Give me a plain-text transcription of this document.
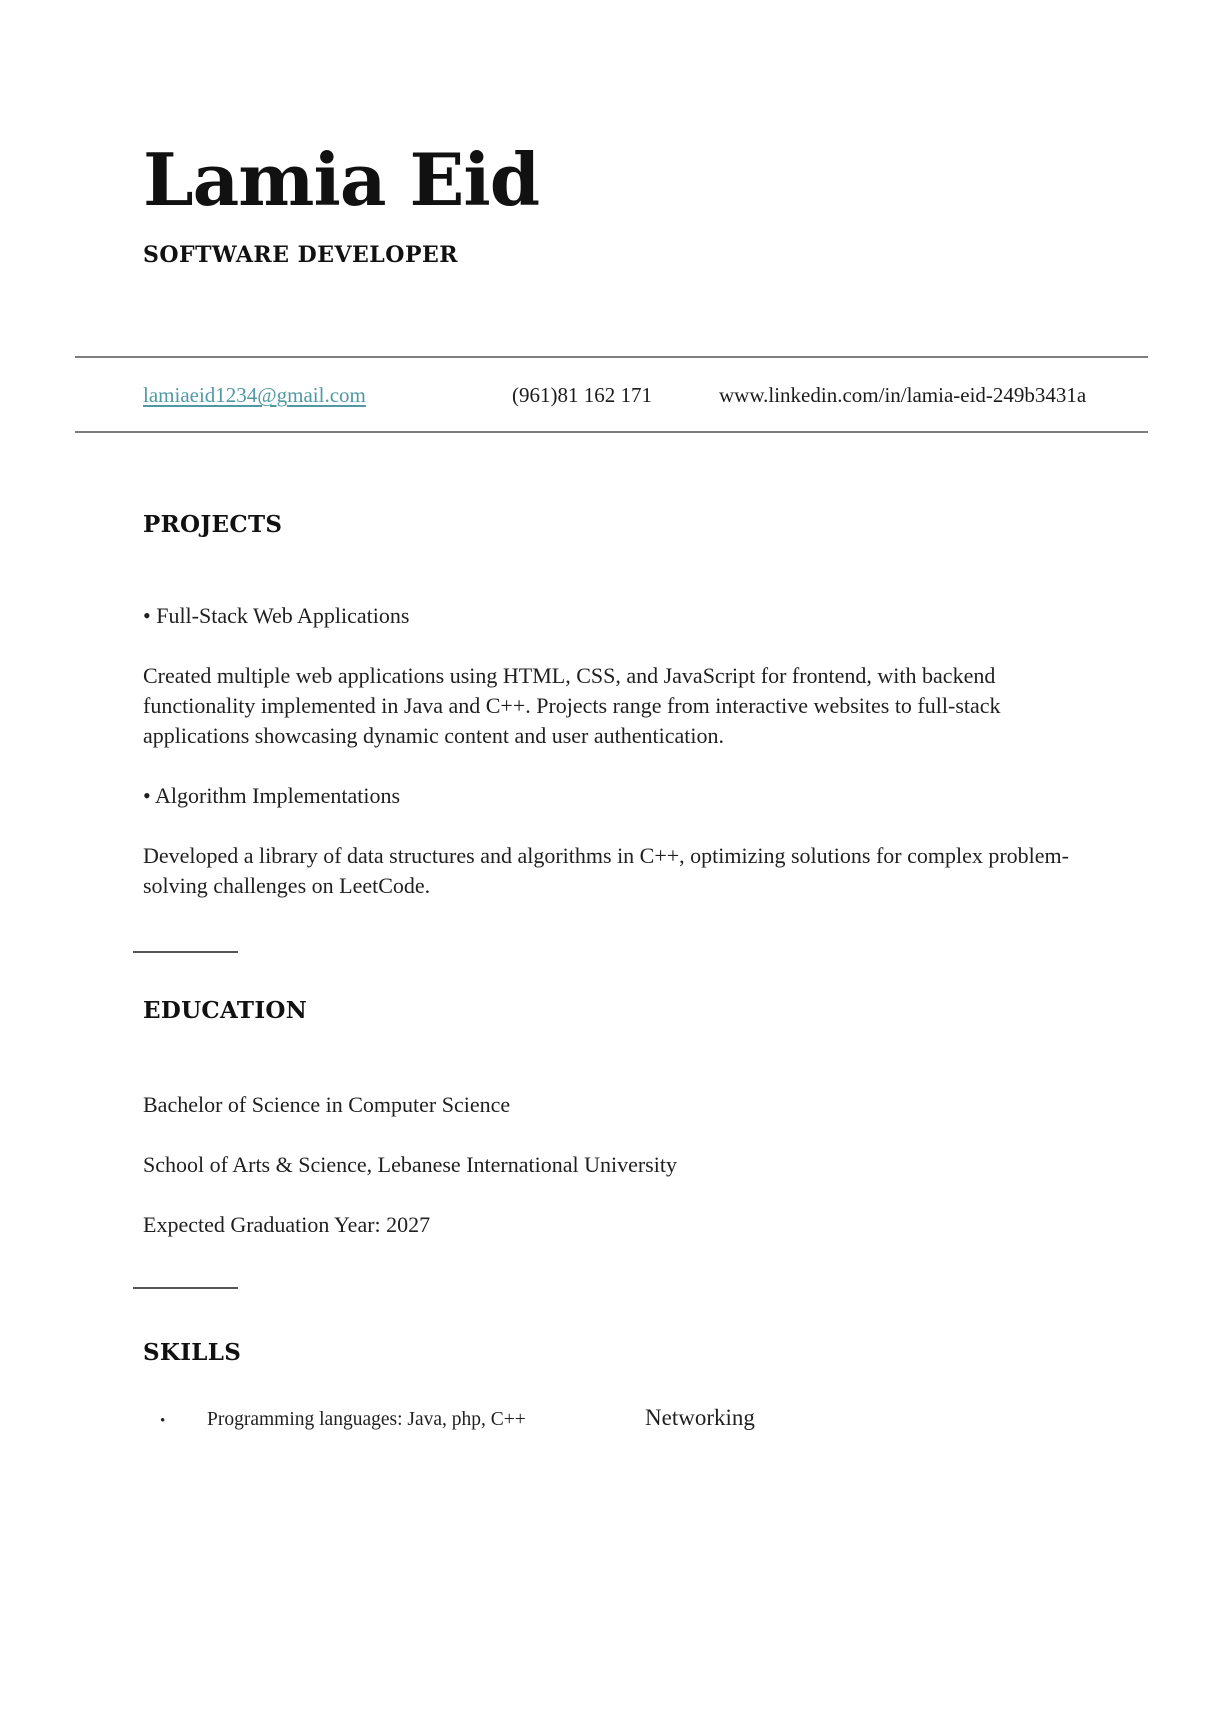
Lamia Eid
SOFTWARE DEVELOPER
lamiaeid1234@gmail.com	(961)81 162 171	www.linkedin.com/in/lamia-eid-249b3431a
PROJECTS
• Full-Stack Web Applications

Created multiple web applications using HTML, CSS, and JavaScript for frontend, with backend functionality implemented in Java and C++. Projects range from interactive websites to full-stack applications showcasing dynamic content and user authentication.

• Algorithm Implementations

Developed a library of data structures and algorithms in C++, optimizing solutions for complex problem-solving challenges on LeetCode.

EDUCATION
Bachelor of Science in Computer Science
School of Arts & Science, Lebanese International University
Expected Graduation Year: 2027
SKILLS
•	Programming languages: Java, php, C++	Networking
